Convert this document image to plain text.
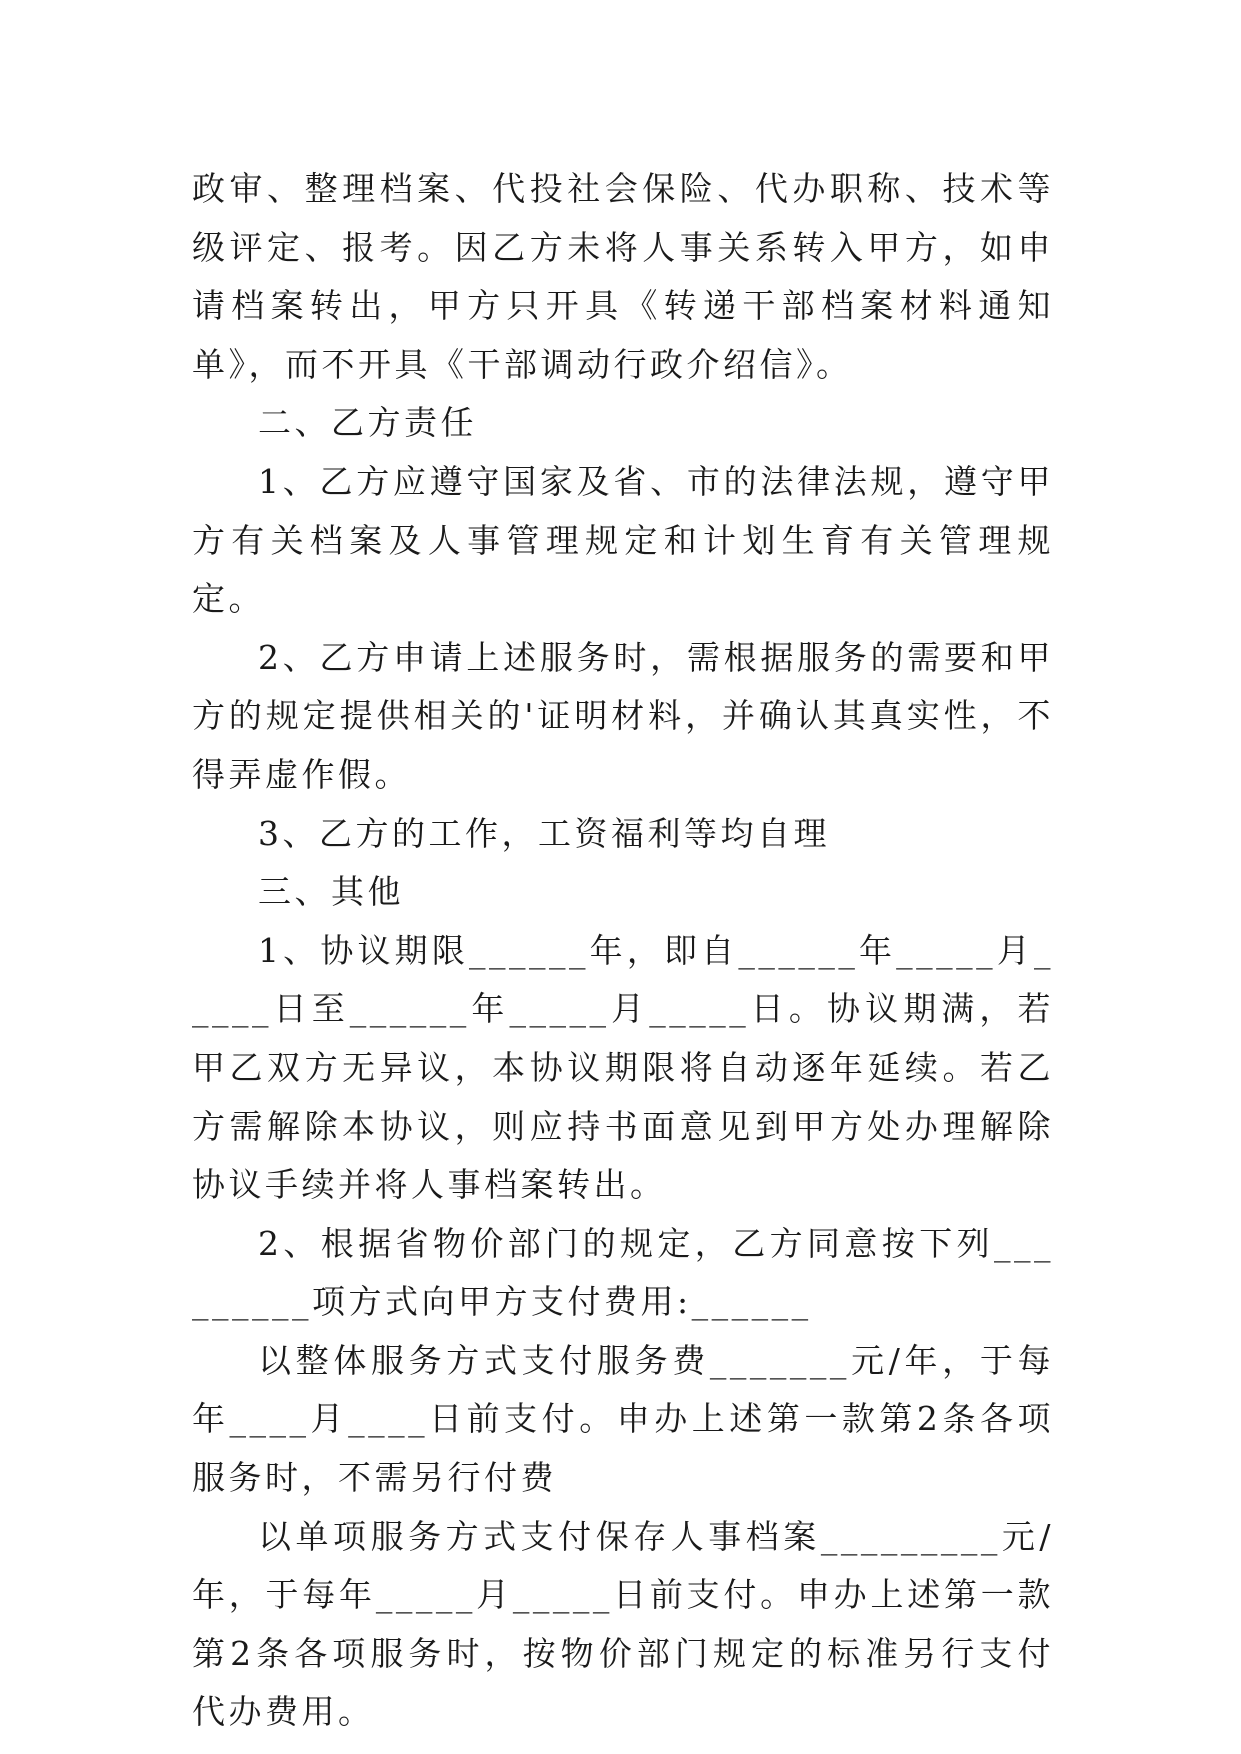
政审、整理档案、代投社会保险、代办职称、技术等级评定、报考。因乙方未将人事关系转入甲方，如申请档案转出，甲方只开具《转递干部档案材料通知单》，而不开具《干部调动行政介绍信》。

二、乙方责任

1、乙方应遵守国家及省、市的法律法规，遵守甲方有关档案及人事管理规定和计划生育有关管理规定。

2、乙方申请上述服务时，需根据服务的需要和甲方的规定提供相关的'证明材料，并确认其真实性，不得弄虚作假。

3、乙方的工作，工资福利等均自理

三、其他

1、协议期限______年，即自______年_____月_____日至______年_____月_____日。协议期满，若甲乙双方无异议，本协议期限将自动逐年延续。若乙方需解除本协议，则应持书面意见到甲方处办理解除协议手续并将人事档案转出。

2、根据省物价部门的规定，乙方同意按下列_________项方式向甲方支付费用:______

以整体服务方式支付服务费_______元/年，于每年____月____日前支付。申办上述第一款第2条各项服务时，不需另行付费

以单项服务方式支付保存人事档案_________元/年，于每年_____月_____日前支付。申办上述第一款第2条各项服务时，按物价部门规定的标准另行支付代办费用。
